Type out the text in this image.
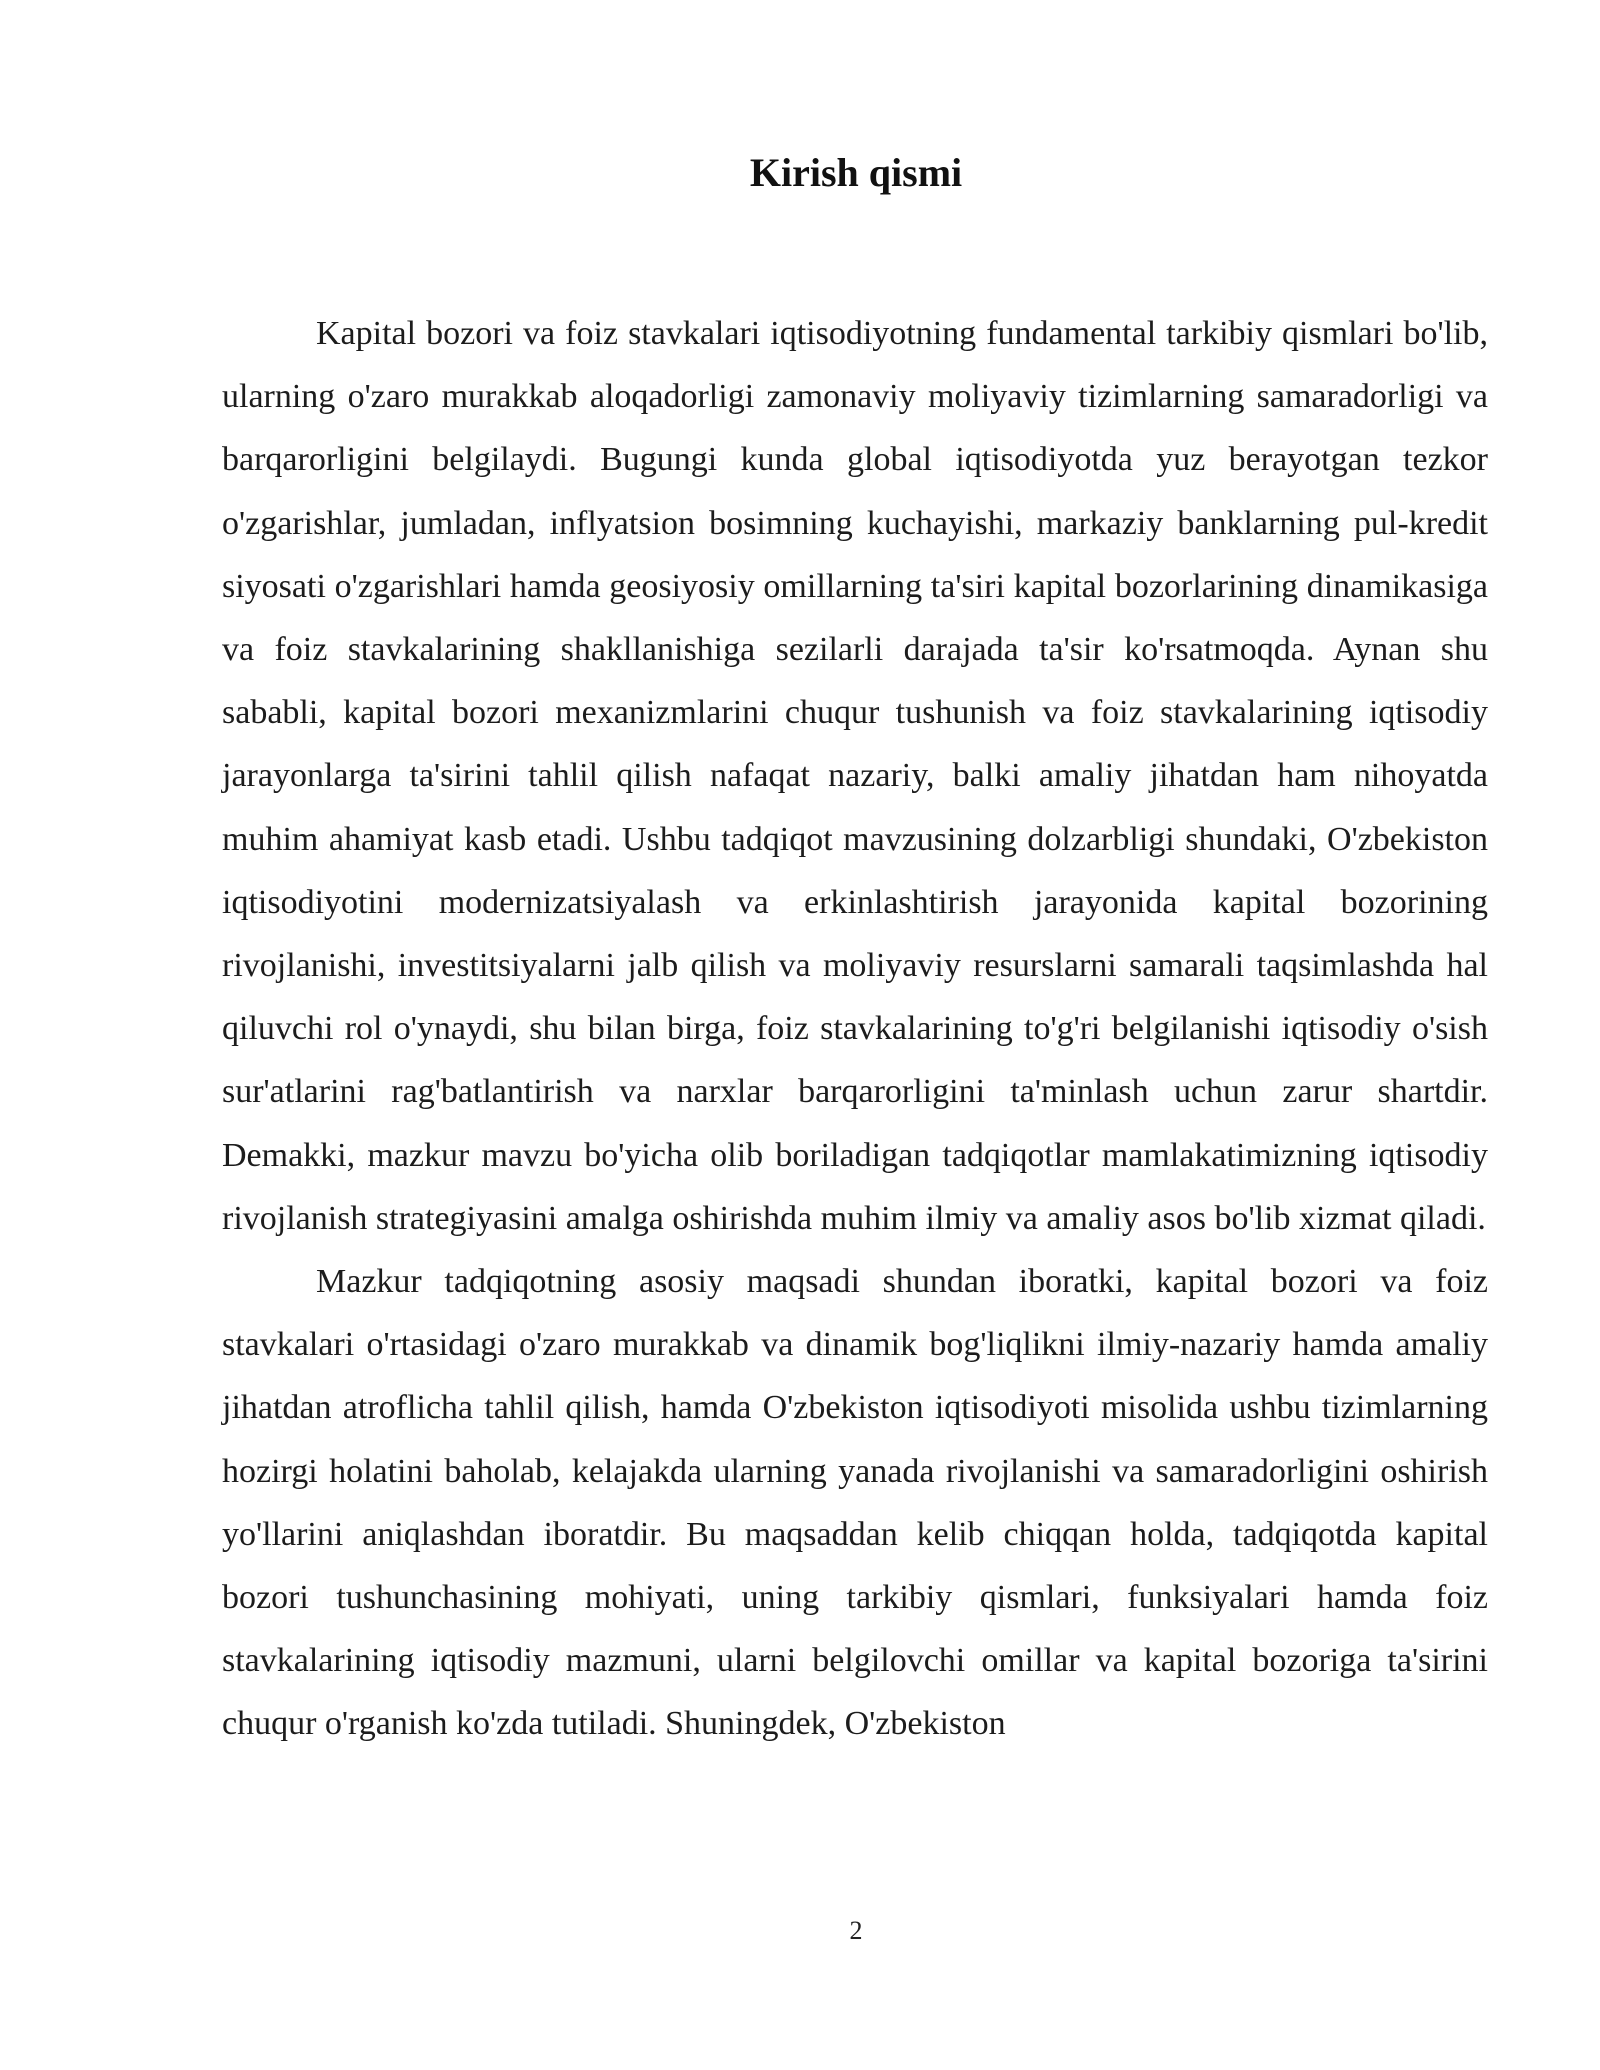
Kirish qismi

Kapital bozori va foiz stavkalari iqtisodiyotning fundamental tarkibiy qismlari bo'lib, ularning o'zaro murakkab aloqadorligi zamonaviy moliyaviy tizimlarning samaradorligi va barqarorligini belgilaydi. Bugungi kunda global iqtisodiyotda yuz berayotgan tezkor o'zgarishlar, jumladan, inflyatsion bosimning kuchayishi, markaziy banklarning pul-kredit siyosati o'zgarishlari hamda geosiyosiy omillarning ta'siri kapital bozorlarining dinamikasiga va foiz stavkalarining shakllanishiga sezilarli darajada ta'sir ko'rsatmoqda. Aynan shu sababli, kapital bozori mexanizmlarini chuqur tushunish va foiz stavkalarining iqtisodiy jarayonlarga ta'sirini tahlil qilish nafaqat nazariy, balki amaliy jihatdan ham nihoyatda muhim ahamiyat kasb etadi. Ushbu tadqiqot mavzusining dolzarbligi shundaki, O'zbekiston iqtisodiyotini modernizatsiyalash va erkinlashtirish jarayonida kapital bozorining rivojlanishi, investitsiyalarni jalb qilish va moliyaviy resurslarni samarali taqsimlashda hal qiluvchi rol o'ynaydi, shu bilan birga, foiz stavkalarining to'g'ri belgilanishi iqtisodiy o'sish sur'atlarini rag'batlantirish va narxlar barqarorligini ta'minlash uchun zarur shartdir. Demakki, mazkur mavzu bo'yicha olib boriladigan tadqiqotlar mamlakatimizning iqtisodiy rivojlanish strategiyasini amalga oshirishda muhim ilmiy va amaliy asos bo'lib xizmat qiladi.

Mazkur tadqiqotning asosiy maqsadi shundan iboratki, kapital bozori va foiz stavkalari o'rtasidagi o'zaro murakkab va dinamik bog'liqlikni ilmiy-nazariy hamda amaliy jihatdan atroflicha tahlil qilish, hamda O'zbekiston iqtisodiyoti misolida ushbu tizimlarning hozirgi holatini baholab, kelajakda ularning yanada rivojlanishi va samaradorligini oshirish yo'llarini aniqlashdan iboratdir. Bu maqsaddan kelib chiqqan holda, tadqiqotda kapital bozori tushunchasining mohiyati, uning tarkibiy qismlari, funksiyalari hamda foiz stavkalarining iqtisodiy mazmuni, ularni belgilovchi omillar va kapital bozoriga ta'sirini chuqur o'rganish ko'zda tutiladi. Shuningdek, O'zbekiston

2
